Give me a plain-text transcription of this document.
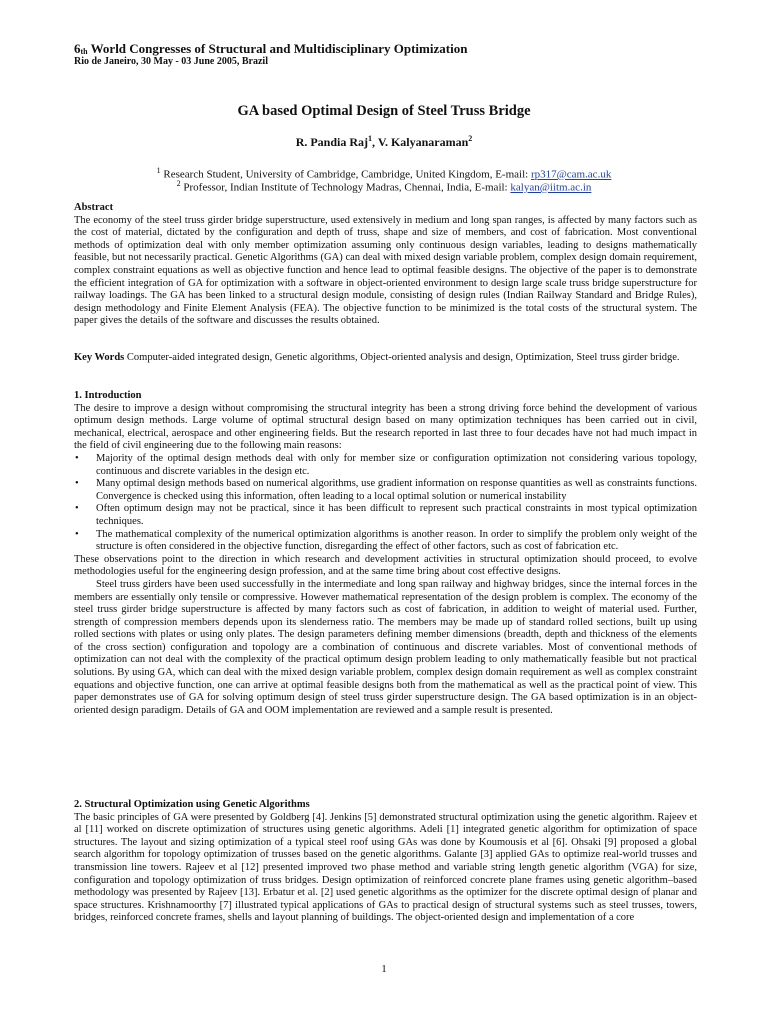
$6_{th}$ World Congresses of Structural and Multidisciplinary Optimization
Rio de Janeiro, 30 May - 03 June 2005, Brazil
GA based Optimal Design of Steel Truss Bridge
R. Pandia Raj$^1$, V. Kalyanaraman$^2$
$^1$ Research Student, University of Cambridge, Cambridge, United Kingdom, E-mail: rp317@cam.ac.uk
$^2$ Professor, Indian Institute of Technology Madras, Chennai, India, E-mail: kalyan@iitm.ac.in
Abstract

The economy of the steel truss girder bridge superstructure, used extensively in medium and long span ranges, is affected by many factors such as the cost of material, dictated by the configuration and depth of truss, shape and size of members, and cost of fabrication. Most conventional methods of optimization deal with only member optimization assuming only continuous design variables, leading to designs mathematically feasible, but not necessarily practical. Genetic Algorithms (GA) can deal with mixed design variable problem, complex design domain requirement, complex constraint equations as well as objective function and hence lead to optimal feasible designs. The objective of the paper is to demonstrate the efficient integration of GA for optimization with a software in object-oriented environment to design large scale truss bridge superstructure for railway loadings. The GA has been linked to a structural design module, consisting of design rules (Indian Railway Standard and Bridge Rules), design methodology and Finite Element Analysis (FEA). The objective function to be minimized is the total costs of the structural system. The paper gives the details of the software and discusses the results obtained.

Key Words Computer-aided integrated design, Genetic algorithms, Object-oriented analysis and design, Optimization, Steel truss girder bridge.

1. Introduction

The desire to improve a design without compromising the structural integrity has been a strong driving force behind the development of various optimum design methods. Large volume of optimal structural design based on many optimization techniques has been carried out in civil, mechanical, electrical, aerospace and other engineering fields. But the research reported in last three to four decades have not had much impact in the field of civil engineering due to the following main reasons:

• Majority of the optimal design methods deal with only for member size or configuration optimization not considering various topology, continuous and discrete variables in the design etc.
• Many optimal design methods based on numerical algorithms, use gradient information on response quantities as well as constraints functions. Convergence is checked using this information, often leading to a local optimal solution or numerical instability
• Often optimum design may not be practical, since it has been difficult to represent such practical constraints in most typical optimization techniques.
• The mathematical complexity of the numerical optimization algorithms is another reason. In order to simplify the problem only weight of the structure is often considered in the objective function, disregarding the effect of other factors, such as cost of fabrication etc.

These observations point to the direction in which research and development activities in structural optimization should proceed, to evolve methodologies useful for the engineering design profession, and at the same time bring about cost effective designs.

Steel truss girders have been used successfully in the intermediate and long span railway and highway bridges, since the internal forces in the members are essentially only tensile or compressive. However mathematical representation of the design problem is complex. The economy of the steel truss girder bridge superstructure is affected by many factors such as cost of fabrication, in addition to weight of material used. Further, strength of compression members depends upon its slenderness ratio. The members may be made up of standard rolled sections, built up using rolled sections with plates or using only plates. The design parameters defining member dimensions (breadth, depth and thickness of the elements of the cross section) configuration and topology are a combination of continuous and discrete variables. Most of conventional methods of optimization can not deal with the complexity of the practical optimum design problem leading to only mathematically feasible but not practical solutions. By using GA, which can deal with the mixed design variable problem, complex design domain requirement as well as complex constraint equations and objective function, one can arrive at optimal feasible designs both from the mathematical as well as the practical point of view. This paper demonstrates use of GA for solving optimum design of steel truss girder superstructure design. The GA based optimization is in an object-oriented design paradigm. Details of GA and OOM implementation are reviewed and a sample result is presented.

2. Structural Optimization using Genetic Algorithms

The basic principles of GA were presented by Goldberg [4]. Jenkins [5] demonstrated structural optimization using the genetic algorithm. Rajeev et al [11] worked on discrete optimization of structures using genetic algorithms. Adeli [1] integrated genetic algorithm for optimization of space structures. The layout and sizing optimization of a typical steel roof using GAs was done by Koumousis et al [6]. Ohsaki [9] proposed a global search algorithm for topology optimization of trusses based on the genetic algorithms. Galante [3] applied GAs to optimize real-world trusses and transmission line towers. Rajeev et al [12] presented improved two phase method and variable string length genetic algorithm (VGA) for size, configuration and topology optimization of truss bridges. Design optimization of reinforced concrete plane frames using genetic algorithm–based methodology was presented by Rajeev [13]. Erbatur et al. [2] used genetic algorithms as the optimizer for the discrete optimal design of planar and space structures. Krishnamoorthy [7] illustrated typical applications of GAs to practical design of structural systems such as steel trusses, towers, bridges, reinforced concrete frames, shells and layout planning of buildings. The object-oriented design and implementation of a core

1
